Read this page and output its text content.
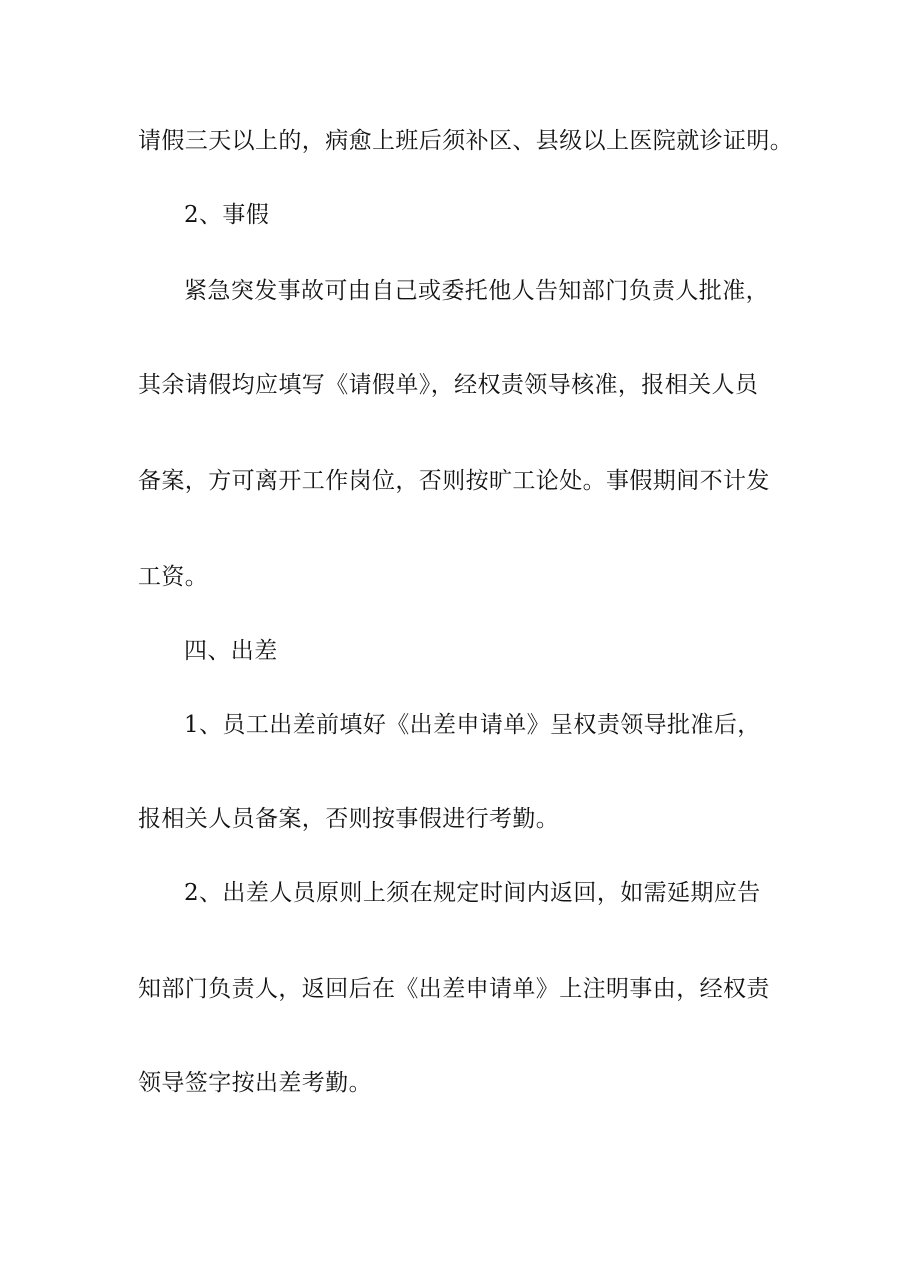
请假三天以上的，病愈上班后须补区、县级以上医院就诊证明。
2、事假
紧急突发事故可由自己或委托他人告知部门负责人批准，
其余请假均应填写《请假单》，经权责领导核准，报相关人员
备案，方可离开工作岗位，否则按旷工论处。事假期间不计发
工资。
四、出差
1、员工出差前填好《出差申请单》呈权责领导批准后，
报相关人员备案，否则按事假进行考勤。
2、出差人员原则上须在规定时间内返回，如需延期应告
知部门负责人，返回后在《出差申请单》上注明事由，经权责
领导签字按出差考勤。
